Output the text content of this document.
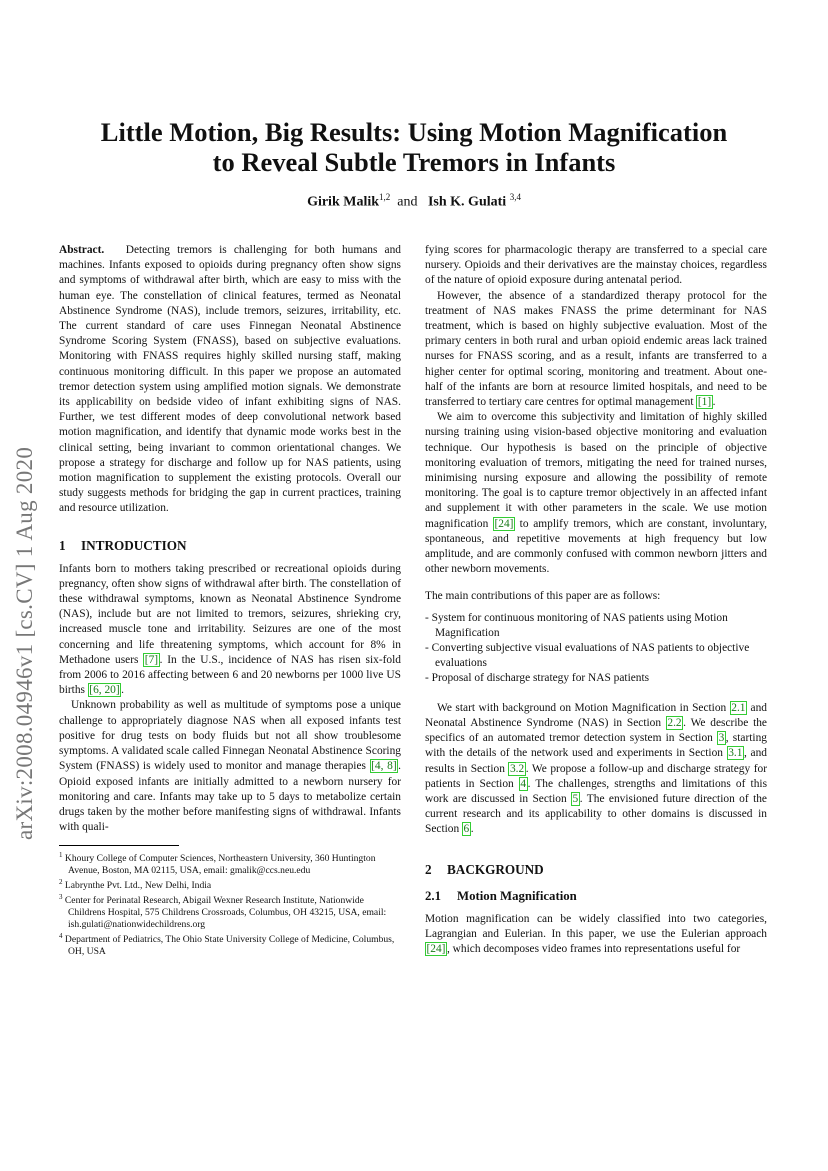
arXiv:2008.04946v1 [cs.CV] 1 Aug 2020
Little Motion, Big Results: Using Motion Magnification
to Reveal Subtle Tremors in Infants
Girik Malik$^{1,2}$ and Ish K. Gulati $^{3,4}$

Abstract. Detecting tremors is challenging for both humans and machines. Infants exposed to opioids during pregnancy often show signs and symptoms of withdrawal after birth, which are easy to miss with the human eye. The constellation of clinical features, termed as Neonatal Abstinence Syndrome (NAS), include tremors, seizures, irritability, etc. The current standard of care uses Finnegan Neonatal Abstinence Syndrome Scoring System (FNASS), based on subjective evaluations. Monitoring with FNASS requires highly skilled nursing staff, making continuous monitoring difficult. In this paper we propose an automated tremor detection system using amplified motion signals. We demonstrate its applicability on bedside video of infant exhibiting signs of NAS. Further, we test different modes of deep convolutional network based motion magnification, and identify that dynamic mode works best in the clinical setting, being invariant to common orientational changes. We propose a strategy for discharge and follow up for NAS patients, using motion magnification to supplement the existing protocols. Overall our study suggests methods for bridging the gap in current practices, training and resource utilization.

1 INTRODUCTION

Infants born to mothers taking prescribed or recreational opioids during pregnancy, often show signs of withdrawal after birth. The constellation of these withdrawal symptoms, known as Neonatal Abstinence Syndrome (NAS), include but are not limited to tremors, seizures, shrieking cry, increased muscle tone and irritability. Seizures are one of the most concerning and life threatening symptoms, which account for 8% in Methadone users [7] . In the U.S., incidence of NAS has risen six-fold from 2006 to 2016 affecting between 6 and 20 newborns per 1000 live US births [6, 20] .

Unknown probability as well as multitude of symptoms pose a unique challenge to appropriately diagnose NAS when all exposed infants test positive for drug tests on body fluids but not all show troublesome symptoms. A validated scale called Finnegan Neonatal Abstinence Scoring System (FNASS) is widely used to monitor and manage therapies [4, 8] . Opioid exposed infants are initially admitted to a newborn nursery for monitoring and care. Infants may take up to 5 days to metabolize certain drugs taken by the mother before manifesting signs of withdrawal. Infants with quali-

$^1$ Khoury College of Computer Sciences, Northeastern University, 360 Huntington Avenue, Boston, MA 02115, USA, email: gmalik@ccs.neu.edu
$^2$ Labrynthe Pvt. Ltd., New Delhi, India
$^3$ Center for Perinatal Research, Abigail Wexner Research Institute, Nationwide Childrens Hospital, 575 Childrens Crossroads, Columbus, OH 43215, USA, email: ish.gulati@nationwidechildrens.org
$^4$ Department of Pediatrics, The Ohio State University College of Medicine, Columbus, OH, USA

fying scores for pharmacologic therapy are transferred to a special care nursery. Opioids and their derivatives are the mainstay choices, regardless of the nature of opioid exposure during antenatal period.

However, the absence of a standardized therapy protocol for the treatment of NAS makes FNASS the prime determinant for NAS treatment, which is based on highly subjective evaluation. Most of the primary centers in both rural and urban opioid endemic areas lack trained nurses for FNASS scoring, and as a result, infants are transferred to a higher center for optimal scoring, monitoring and treatment. About one-half of the infants are born at resource limited hospitals, and need to be transferred to tertiary care centres for optimal management [1] .

We aim to overcome this subjectivity and limitation of highly skilled nursing training using vision-based objective monitoring and evaluation technique. Our hypothesis is based on the principle of objective monitoring evaluation of tremors, mitigating the need for trained nurses, minimising nursing exposure and allowing the possibility of remote monitoring. The goal is to capture tremor objectively in an affected infant and supplement it with other parameters in the scale. We use motion magnification [24] to amplify tremors, which are constant, involuntary, spontaneous, and repetitive movements at high frequency but low amplitude, and are commonly confused with common newborn jitters and other newborn movements.

The main contributions of this paper are as follows:

- System for continuous monitoring of NAS patients using Motion Magnification
- Converting subjective visual evaluations of NAS patients to objective evaluations
- Proposal of discharge strategy for NAS patients

We start with background on Motion Magnification in Section 2.1 and Neonatal Abstinence Syndrome (NAS) in Section 2.2 . We describe the specifics of an automated tremor detection system in Section 3 , starting with the details of the network used and experiments in Section 3.1 , and results in Section 3.2 . We propose a follow-up and discharge strategy for patients in Section 4 . The challenges, strengths and limitations of this work are discussed in Section 5 . The envisioned future direction of the current research and its applicability to other domains is discussed in Section 6 .

2 BACKGROUND
2.1 Motion Magnification

Motion magnification can be widely classified into two categories, Lagrangian and Eulerian. In this paper, we use the Eulerian approach [24] , which decomposes video frames into representations useful for
